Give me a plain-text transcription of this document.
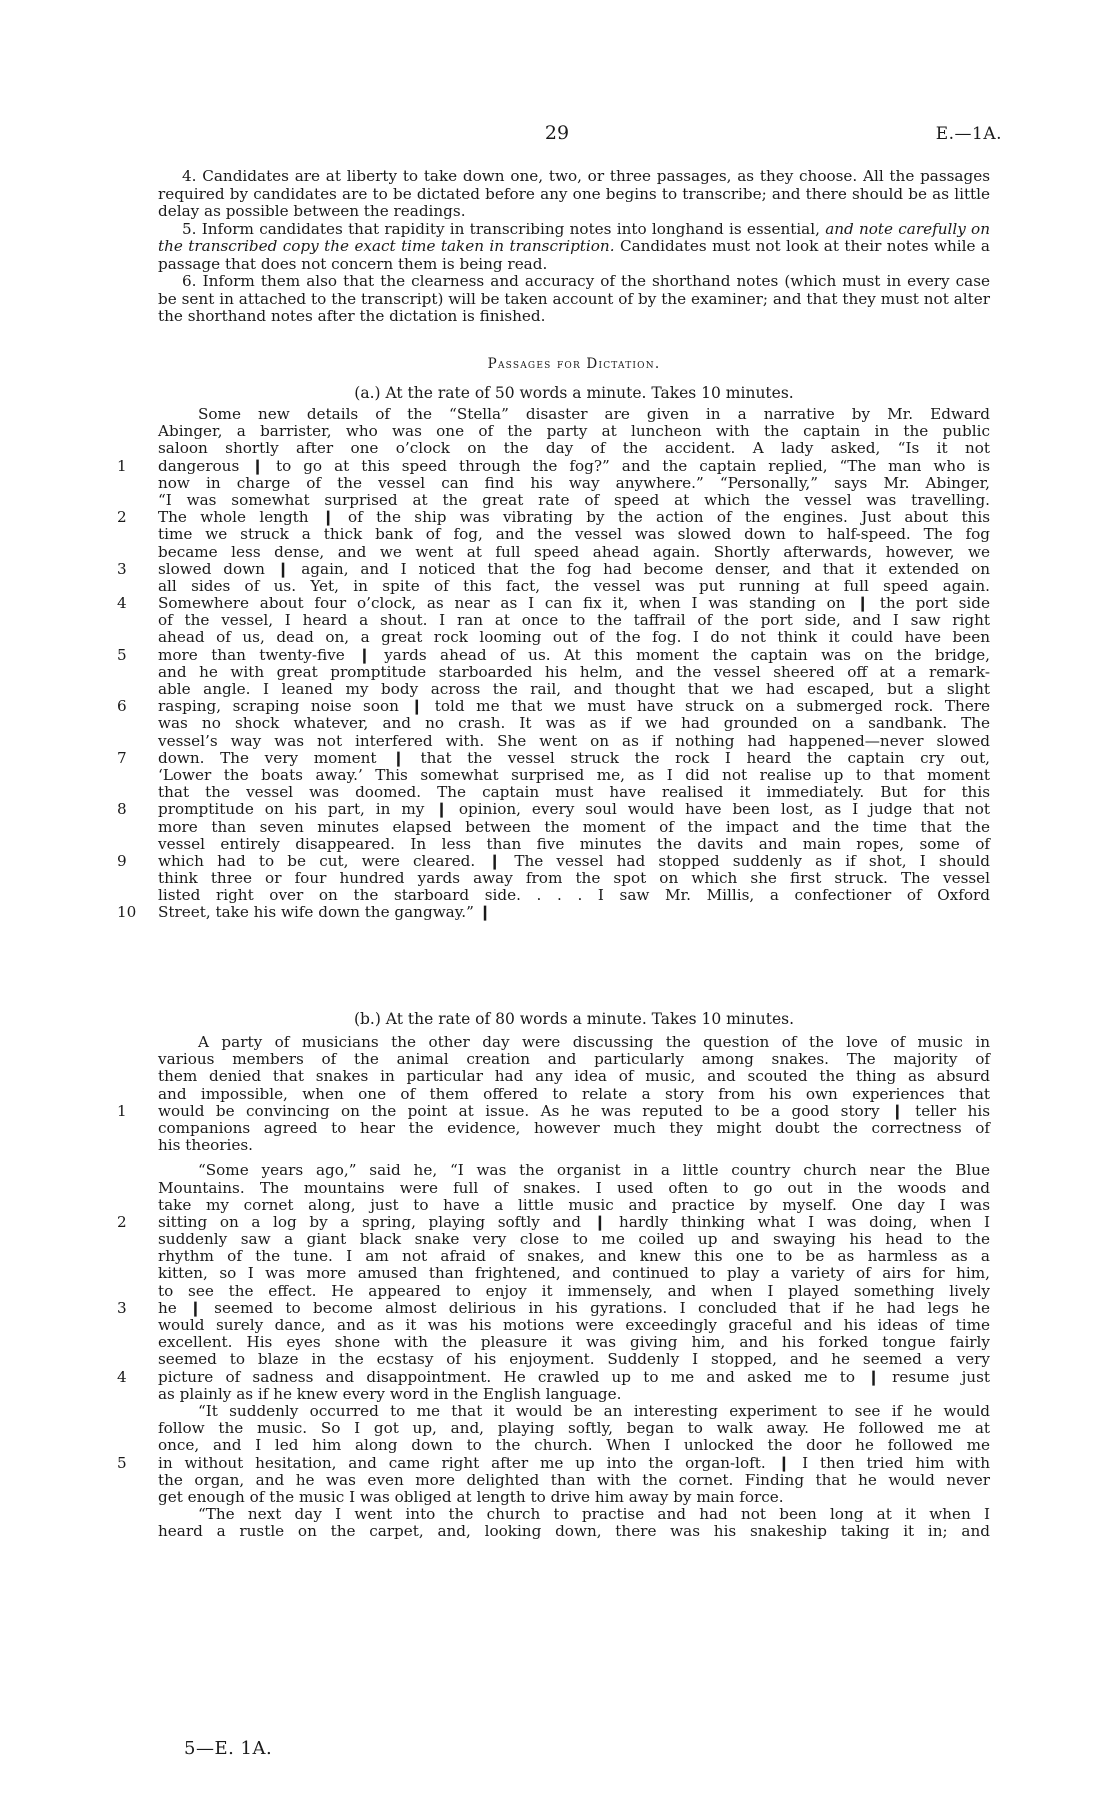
29	E.—1A.

4. Candidates are at liberty to take down one, two, or three passages, as they choose. All the passages required by candidates are to be dictated before any one begins to transcribe; and there should be as little delay as possible between the readings.

5. Inform candidates that rapidity in transcribing notes into longhand is essential, and note carefully on the transcribed copy the exact time taken in transcription. Candidates must not look at their notes while a passage that does not concern them is being read.

6. Inform them also that the clearness and accuracy of the shorthand notes (which must in every case be sent in attached to the transcript) will be taken account of by the examiner; and that they must not alter the shorthand notes after the dictation is finished.

Passages for Dictation.

(a.) At the rate of 50 words a minute. Takes 10 minutes.

Some new details of the “Stella” disaster are given in a narrative by Mr. Edward
Abinger, a barrister, who was one of the party at luncheon with the captain in the public
saloon shortly after one o’clock on the day of the accident. A lady asked, “Is it not
1	dangerous ❙ to go at this speed through the fog?” and the captain replied, “The man who is
now in charge of the vessel can find his way anywhere.” “Personally,” says Mr. Abinger,
“I was somewhat surprised at the great rate of speed at which the vessel was travelling.
2	The whole length ❙ of the ship was vibrating by the action of the engines. Just about this
time we struck a thick bank of fog, and the vessel was slowed down to half-speed. The fog
became less dense, and we went at full speed ahead again. Shortly afterwards, however, we
3	slowed down ❙ again, and I noticed that the fog had become denser, and that it extended on
all sides of us. Yet, in spite of this fact, the vessel was put running at full speed again.
4	Somewhere about four o’clock, as near as I can fix it, when I was standing on ❙ the port side
of the vessel, I heard a shout. I ran at once to the taffrail of the port side, and I saw right
ahead of us, dead on, a great rock looming out of the fog. I do not think it could have been
5	more than twenty-five ❙ yards ahead of us. At this moment the captain was on the bridge,
and he with great promptitude starboarded his helm, and the vessel sheered off at a remark-
able angle. I leaned my body across the rail, and thought that we had escaped, but a slight
6	rasping, scraping noise soon ❙ told me that we must have struck on a submerged rock. There
was no shock whatever, and no crash. It was as if we had grounded on a sandbank. The
vessel’s way was not interfered with. She went on as if nothing had happened—never slowed
7	down. The very moment ❙ that the vessel struck the rock I heard the captain cry out,
‘Lower the boats away.’ This somewhat surprised me, as I did not realise up to that moment
that the vessel was doomed. The captain must have realised it immediately. But for this
8	promptitude on his part, in my ❙ opinion, every soul would have been lost, as I judge that not
more than seven minutes elapsed between the moment of the impact and the time that the
vessel entirely disappeared. In less than five minutes the davits and main ropes, some of
9	which had to be cut, were cleared. ❙ The vessel had stopped suddenly as if shot, I should
think three or four hundred yards away from the spot on which she first struck. The vessel
listed right over on the starboard side. . . . I saw Mr. Millis, a confectioner of Oxford
10 Street, take his wife down the gangway.” ❙

(b.) At the rate of 80 words a minute. Takes 10 minutes.

A party of musicians the other day were discussing the question of the love of music in
various members of the animal creation and particularly among snakes. The majority of
them denied that snakes in particular had any idea of music, and scouted the thing as absurd
and impossible, when one of them offered to relate a story from his own experiences that
1	would be convincing on the point at issue. As he was reputed to be a good story ❙ teller his
companions agreed to hear the evidence, however much they might doubt the correctness of
his theories.
“Some years ago,” said he, “I was the organist in a little country church near the Blue
Mountains. The mountains were full of snakes. I used often to go out in the woods and
take my cornet along, just to have a little music and practice by myself. One day I was
2	sitting on a log by a spring, playing softly and ❙ hardly thinking what I was doing, when I
suddenly saw a giant black snake very close to me coiled up and swaying his head to the
rhythm of the tune. I am not afraid of snakes, and knew this one to be as harmless as a
kitten, so I was more amused than frightened, and continued to play a variety of airs for him,
to see the effect. He appeared to enjoy it immensely, and when I played something lively
3	he ❙ seemed to become almost delirious in his gyrations. I concluded that if he had legs he
would surely dance, and as it was his motions were exceedingly graceful and his ideas of time
excellent. His eyes shone with the pleasure it was giving him, and his forked tongue fairly
seemed to blaze in the ecstasy of his enjoyment. Suddenly I stopped, and he seemed a very
4	picture of sadness and disappointment. He crawled up to me and asked me to ❙ resume just
as plainly as if he knew every word in the English language.
“It suddenly occurred to me that it would be an interesting experiment to see if he would
follow the music. So I got up, and, playing softly, began to walk away. He followed me at
once, and I led him along down to the church. When I unlocked the door he followed me
5	in without hesitation, and came right after me up into the organ-loft. ❙ I then tried him with
the organ, and he was even more delighted than with the cornet. Finding that he would never
get enough of the music I was obliged at length to drive him away by main force.
“The next day I went into the church to practise and had not been long at it when I
heard a rustle on the carpet, and, looking down, there was his snakeship taking it in; and
5—E. 1A.
